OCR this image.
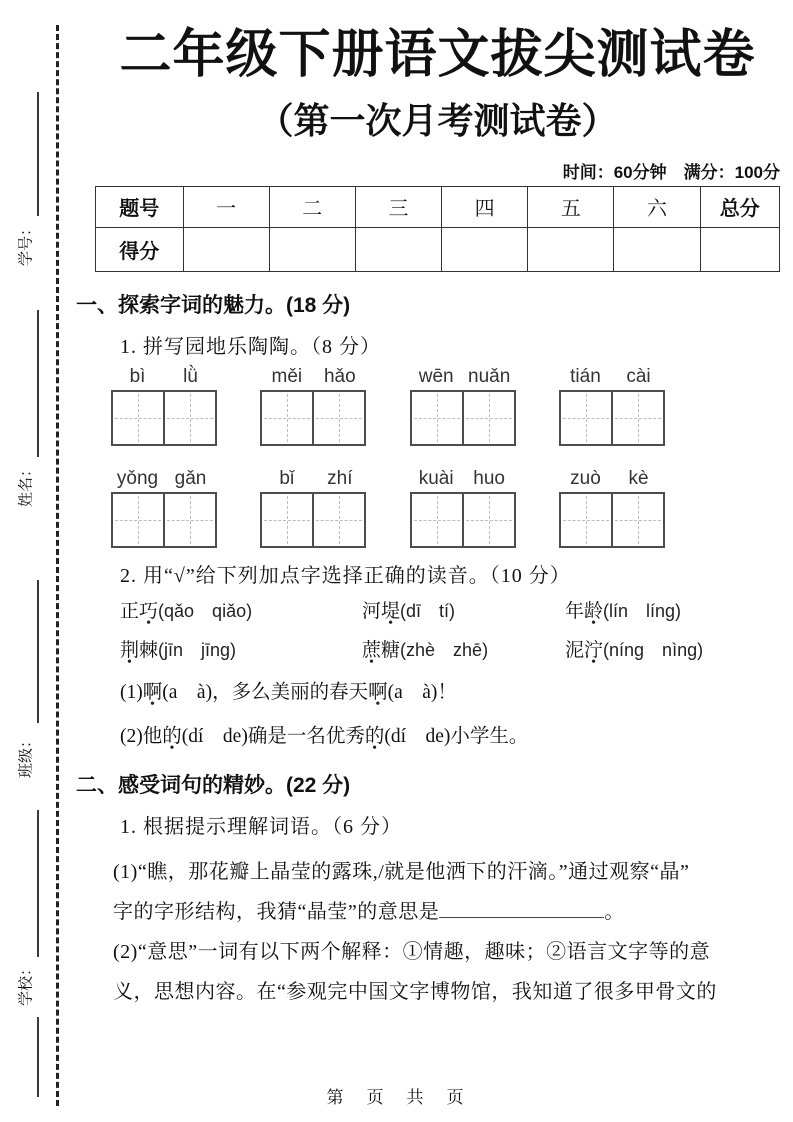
学号：
姓名：
班级：
学校：
二年级下册语文拔尖测试卷
（第一次月考测试卷）
时间：60分钟　满分：100分
题号	一	二	三	四	五	六	总分
得分							
一、探索字词的魅力。(18 分)
1. 拼写园地乐陶陶。（8 分）
bì	lǜ	měi	hǎo	wēn nuǎn	tián	cài
yǒng gǎn	bǐ	zhí	kuài	huo	zuò	kè
2. 用“√”给下列加点字选择正确的读音。（10 分）
正巧(qǎo　qiǎo)	河堤(dī　tí)	年龄(lín　líng)
荆棘(jīn　jīng)	蔗糖(zhè　zhē)	泥泞(níng　nìng)
(1)啊(a　à)，多么美丽的春天啊(a　à)！
(2)他的(dí　de)确是一名优秀的(dí　de)小学生。
二、感受词句的精妙。(22 分)
1. 根据提示理解词语。（6 分）
(1)“瞧，那花瓣上晶莹的露珠,/就是他洒下的汗滴。”通过观察“晶”
字的字形结构，我猜“晶莹”的意思是	。
(2)“意思”一词有以下两个解释：①情趣，趣味；②语言文字等的意
义，思想内容。在“参观完中国文字博物馆，我知道了很多甲骨文的
第　页　共　页
